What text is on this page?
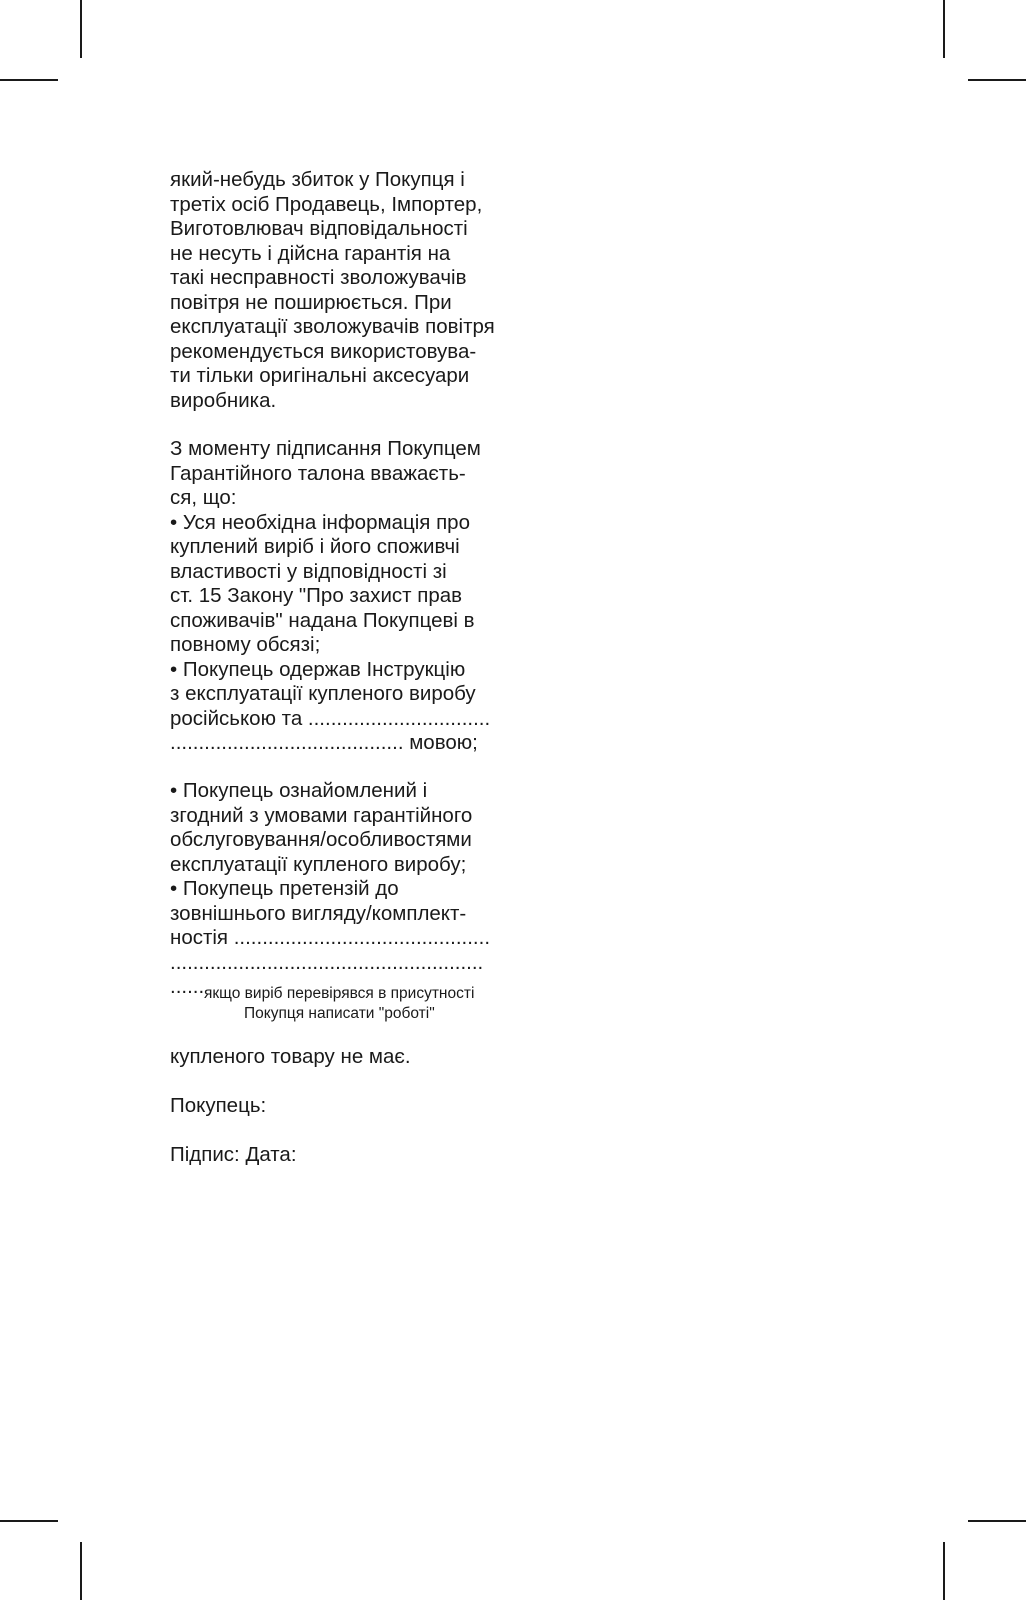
який-небудь збиток у Покупця і
третіх осіб Продавець, Імпортер,
Виготовлювач відповідальності
не несуть і дійсна гарантія на
такі несправності зволожувачів
повітря не поширюється. При
експлуатації зволожувачів повітря
рекомендується використовува-
ти тільки оригінальні аксесуари
виробника.
З моменту підписання Покупцем
Гарантійного талона вважаєть-
ся, що:
• Уся необхідна інформація про
куплений виріб і його споживчі
властивості у відповідності зі
ст. 15 Закону "Про захист прав
споживачів" надана Покупцеві в
повному обсязі;
• Покупець одержав Інструкцію
з експлуатації купленого виробу
російською та ................................
......................................... мовою;
• Покупець ознайомлений і
згодний з умовами гарантійного
обслуговування/особливостями
експлуатації купленого виробу;
• Покупець претензій до
зовнішнього вигляду/комплект-
ностія .............................................
.......................................................
...... якщо виріб перевірявся в присутності
Покупця написати "роботі"
купленого товару не має.
Покупець:
Підпис: Дата:
